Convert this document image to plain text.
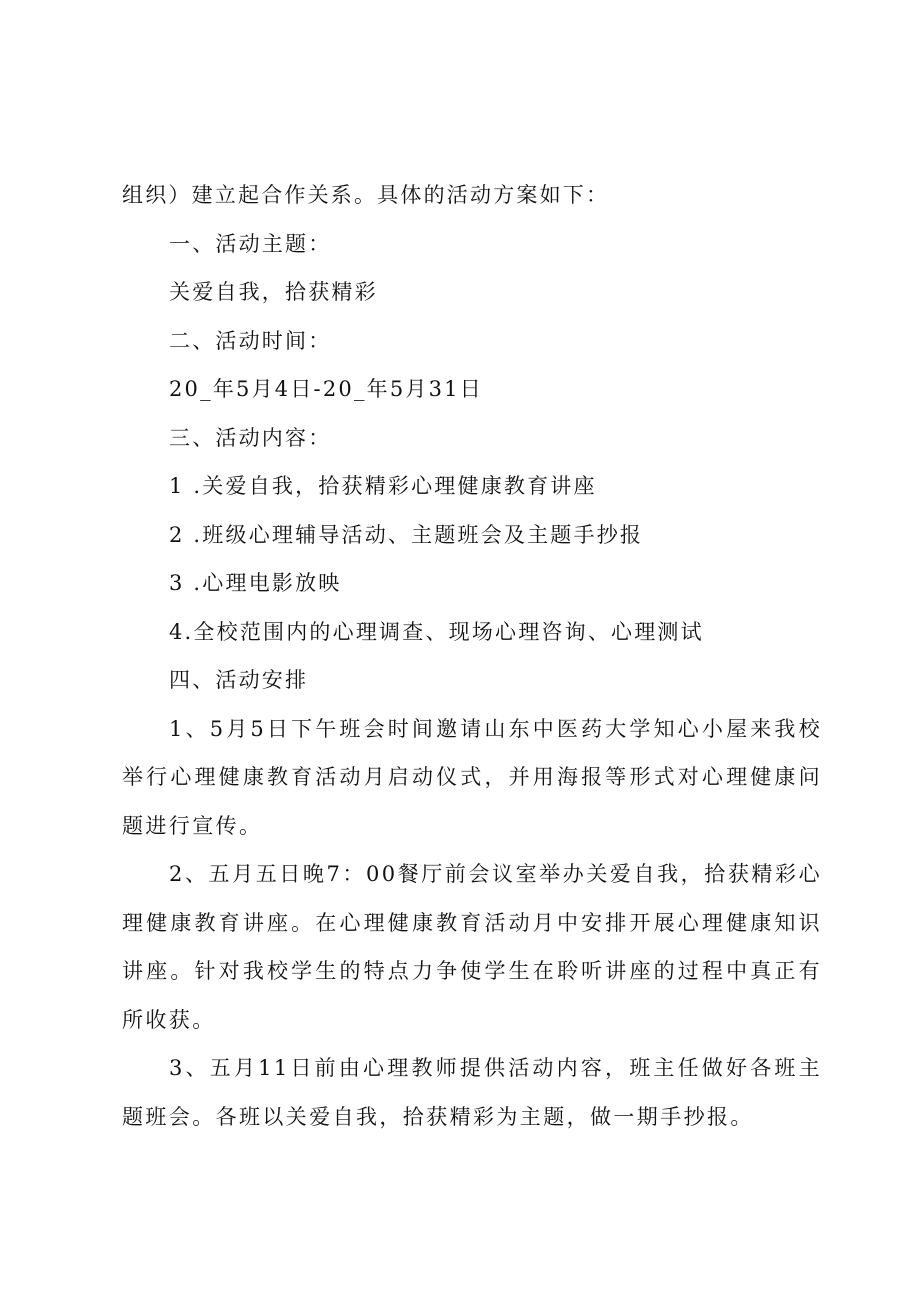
组织）建立起合作关系。具体的活动方案如下：

一、活动主题：

关爱自我，拾获精彩

二、活动时间：

20_年5月4日-20_年5月31日

三、活动内容：

1 .关爱自我，拾获精彩心理健康教育讲座

2 .班级心理辅导活动、主题班会及主题手抄报

3 .心理电影放映

4.全校范围内的心理调查、现场心理咨询、心理测试

四、活动安排

1、5月5日下午班会时间邀请山东中医药大学知心小屋来我校举行心理健康教育活动月启动仪式，并用海报等形式对心理健康问题进行宣传。

2、五月五日晚7：00餐厅前会议室举办关爱自我，拾获精彩心理健康教育讲座。在心理健康教育活动月中安排开展心理健康知识讲座。针对我校学生的特点力争使学生在聆听讲座的过程中真正有所收获。

3、五月11日前由心理教师提供活动内容，班主任做好各班主题班会。各班以关爱自我，拾获精彩为主题，做一期手抄报。
